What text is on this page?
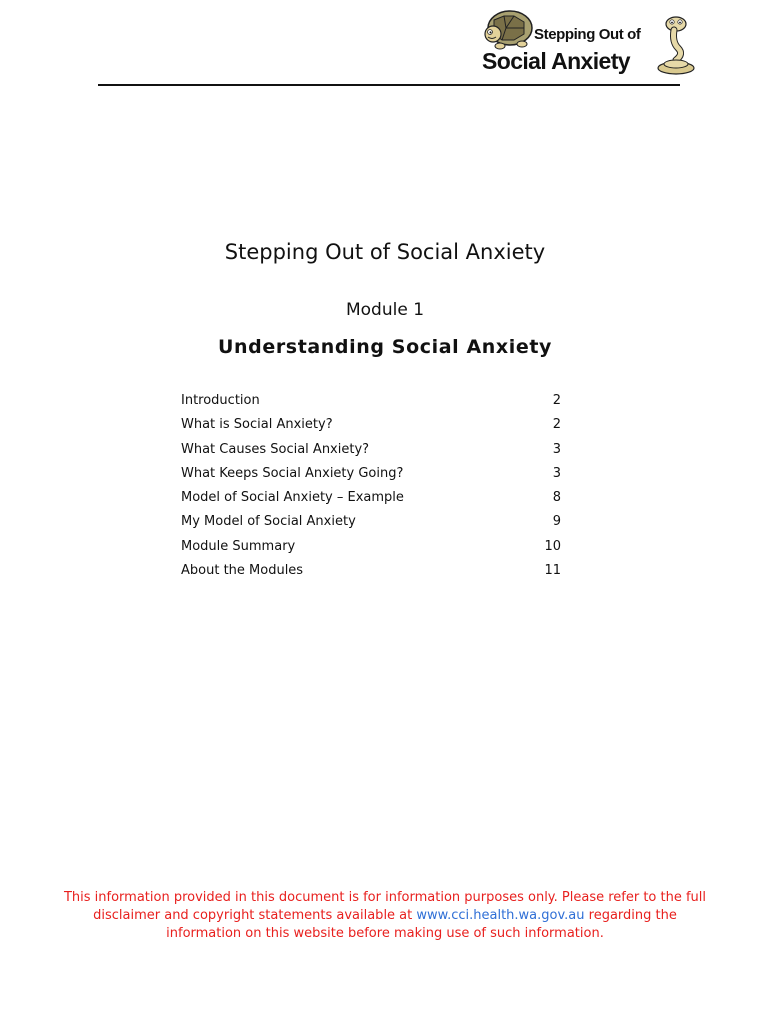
Stepping Out of
Social Anxiety
Stepping Out of Social Anxiety
Module 1
Understanding Social Anxiety
Introduction	2
What is Social Anxiety?	2
What Causes Social Anxiety?	3
What Keeps Social Anxiety Going?	3
Model of Social Anxiety – Example	8
My Model of Social Anxiety	9
Module Summary	10
About the Modules	11
This information provided in this document is for information purposes only. Please refer to the full disclaimer and copyright statements available at www.cci.health.wa.gov.au regarding the information on this website before making use of such information.
